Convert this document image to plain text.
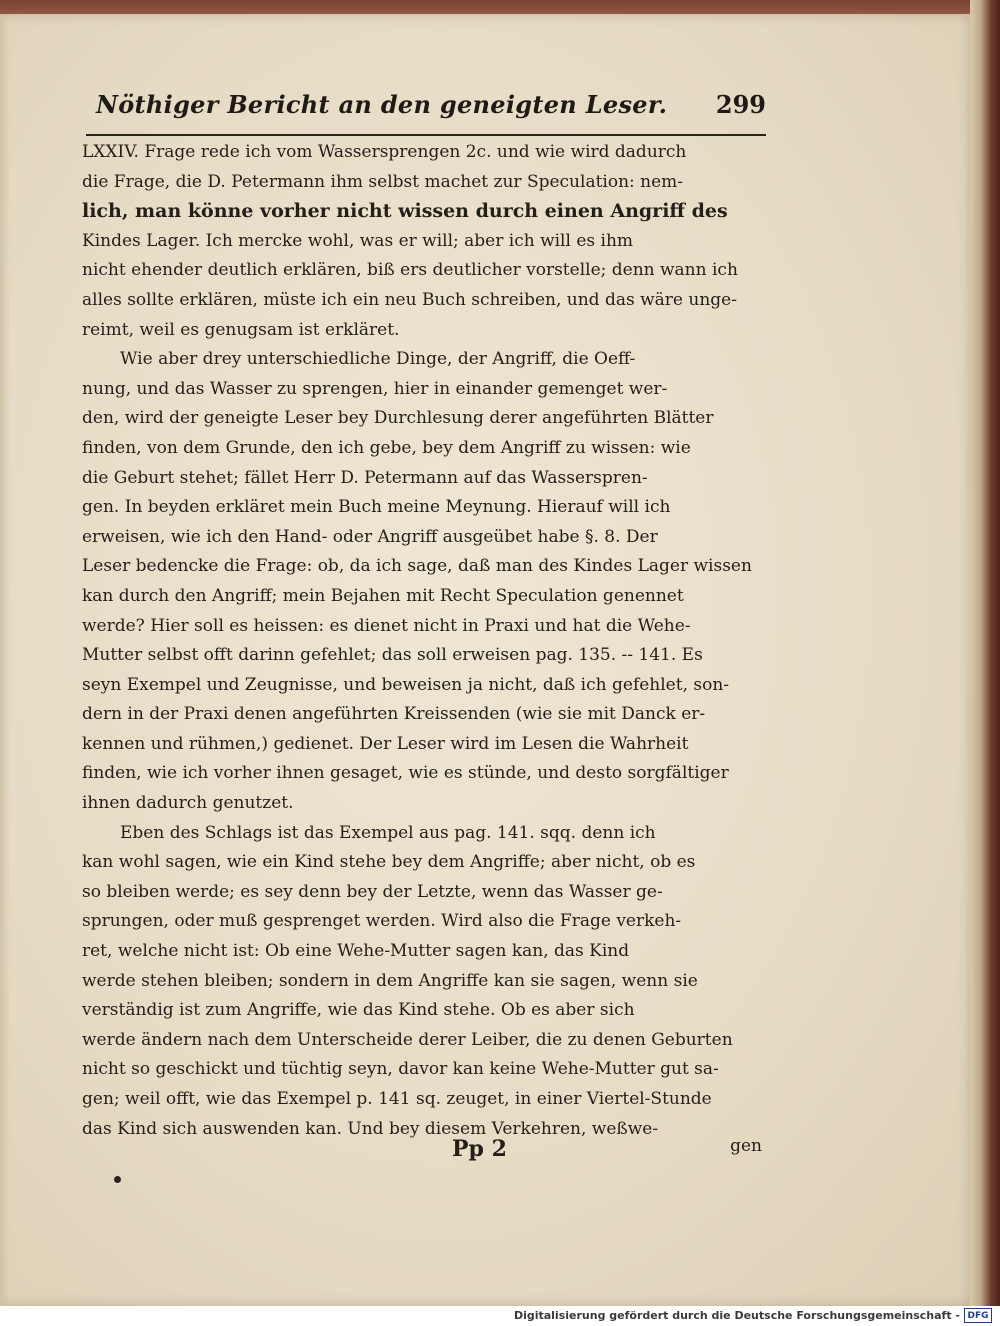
Nöthiger Bericht an den geneigten Leser. 299
LXXIV. Frage rede ich vom Wassersprengen 2c. und wie wird dadurch
die Frage, die D. Petermann ihm selbst machet zur Speculation: nem-
lich, man könne vorher nicht wissen durch einen Angriff des
Kindes Lager. Ich mercke wohl, was er will; aber ich will es ihm
nicht ehender deutlich erklären, biß ers deutlicher vorstelle; denn wann ich
alles sollte erklären, müste ich ein neu Buch schreiben, und das wäre unge-
reimt, weil es genugsam ist erkläret.
Wie aber drey unterschiedliche Dinge, der Angriff, die Oeff-
nung, und das Wasser zu sprengen, hier in einander gemenget wer-
den, wird der geneigte Leser bey Durchlesung derer angeführten Blätter
finden, von dem Grunde, den ich gebe, bey dem Angriff zu wissen: wie
die Geburt stehet; fället Herr D. Petermann auf das Wasserspren-
gen. In beyden erkläret mein Buch meine Meynung. Hierauf will ich
erweisen, wie ich den Hand- oder Angriff ausgeübet habe §. 8. Der
Leser bedencke die Frage: ob, da ich sage, daß man des Kindes Lager wissen
kan durch den Angriff; mein Bejahen mit Recht Speculation genennet
werde? Hier soll es heissen: es dienet nicht in Praxi und hat die Wehe-
Mutter selbst offt darinn gefehlet; das soll erweisen pag. 135. -- 141. Es
seyn Exempel und Zeugnisse, und beweisen ja nicht, daß ich gefehlet, son-
dern in der Praxi denen angeführten Kreissenden (wie sie mit Danck er-
kennen und rühmen,) gedienet. Der Leser wird im Lesen die Wahrheit
finden, wie ich vorher ihnen gesaget, wie es stünde, und desto sorgfältiger
ihnen dadurch genutzet.
Eben des Schlags ist das Exempel aus pag. 141. sqq. denn ich
kan wohl sagen, wie ein Kind stehe bey dem Angriffe; aber nicht, ob es
so bleiben werde; es sey denn bey der Letzte, wenn das Wasser ge-
sprungen, oder muß gesprenget werden. Wird also die Frage verkeh-
ret, welche nicht ist: Ob eine Wehe-Mutter sagen kan, das Kind
werde stehen bleiben; sondern in dem Angriffe kan sie sagen, wenn sie
verständig ist zum Angriffe, wie das Kind stehe. Ob es aber sich
werde ändern nach dem Unterscheide derer Leiber, die zu denen Geburten
nicht so geschickt und tüchtig seyn, davor kan keine Wehe-Mutter gut sa-
gen; weil offt, wie das Exempel p. 141 sq. zeuget, in einer Viertel-Stunde
das Kind sich auswenden kan. Und bey diesem Verkehren, weßwe-
Pp 2	gen
Digitalisierung gefördert durch die Deutsche Forschungsgemeinschaft - DFG
